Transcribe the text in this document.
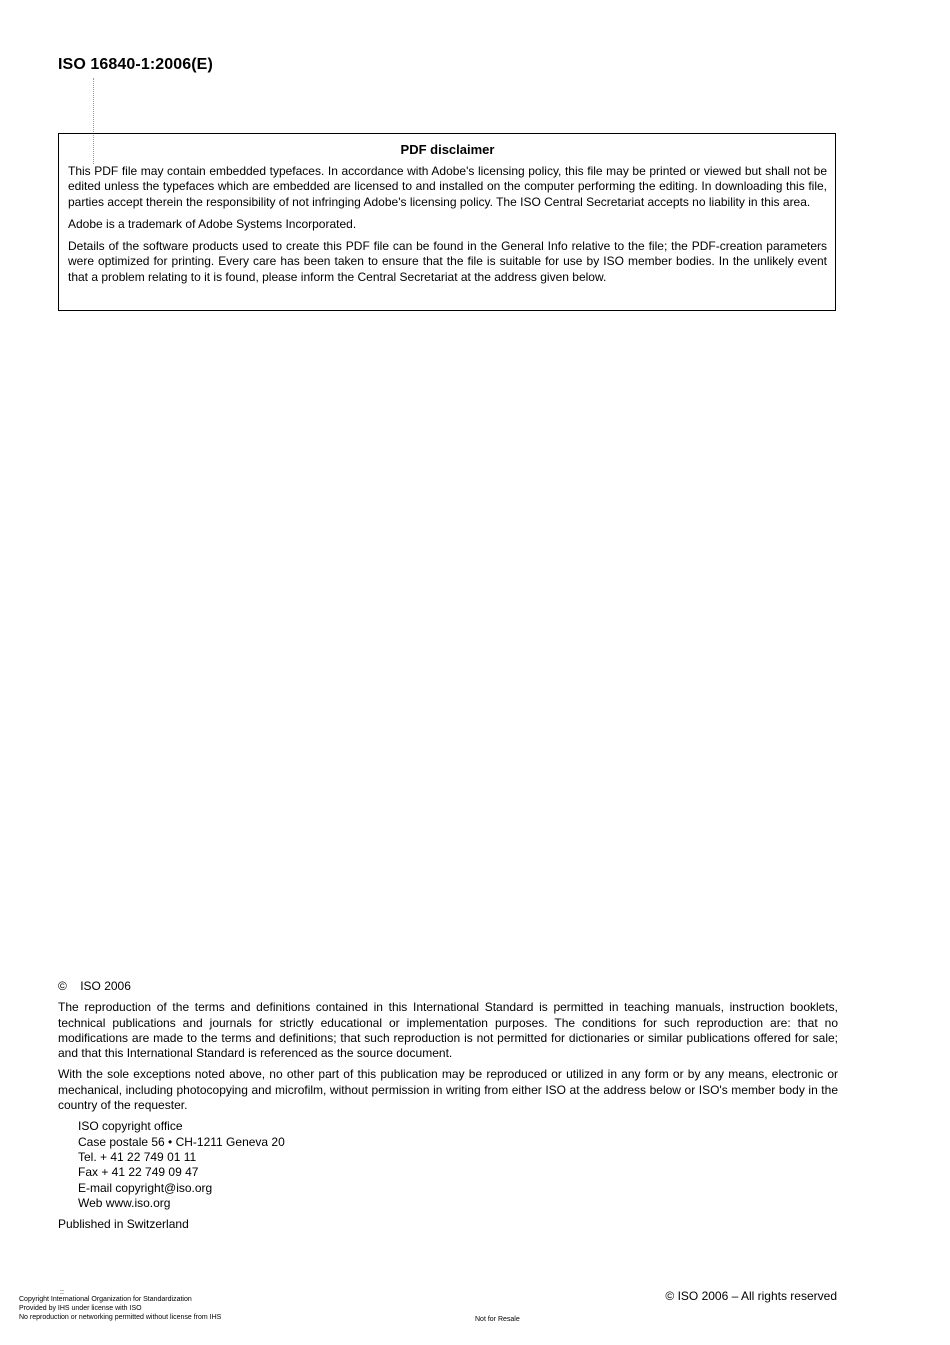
ISO 16840-1:2006(E)
PDF disclaimer

This PDF file may contain embedded typefaces. In accordance with Adobe's licensing policy, this file may be printed or viewed but shall not be edited unless the typefaces which are embedded are licensed to and installed on the computer performing the editing. In downloading this file, parties accept therein the responsibility of not infringing Adobe's licensing policy. The ISO Central Secretariat accepts no liability in this area.

Adobe is a trademark of Adobe Systems Incorporated.

Details of the software products used to create this PDF file can be found in the General Info relative to the file; the PDF-creation parameters were optimized for printing. Every care has been taken to ensure that the file is suitable for use by ISO member bodies. In the unlikely event that a problem relating to it is found, please inform the Central Secretariat at the address given below.

© ISO 2006

The reproduction of the terms and definitions contained in this International Standard is permitted in teaching manuals, instruction booklets, technical publications and journals for strictly educational or implementation purposes. The conditions for such reproduction are: that no modifications are made to the terms and definitions; that such reproduction is not permitted for dictionaries or similar publications offered for sale; and that this International Standard is referenced as the source document.

With the sole exceptions noted above, no other part of this publication may be reproduced or utilized in any form or by any means, electronic or mechanical, including photocopying and microfilm, without permission in writing from either ISO at the address below or ISO's member body in the country of the requester.

ISO copyright office
Case postale 56 • CH-1211 Geneva 20
Tel. + 41 22 749 01 11
Fax + 41 22 749 09 47
E-mail copyright@iso.org
Web www.iso.org
Published in Switzerland
© ISO 2006 – All rights reserved
::
Copyright International Organization for Standardization
Provided by IHS under license with ISO
No reproduction or networking permitted without license from IHS	Not for Resale
